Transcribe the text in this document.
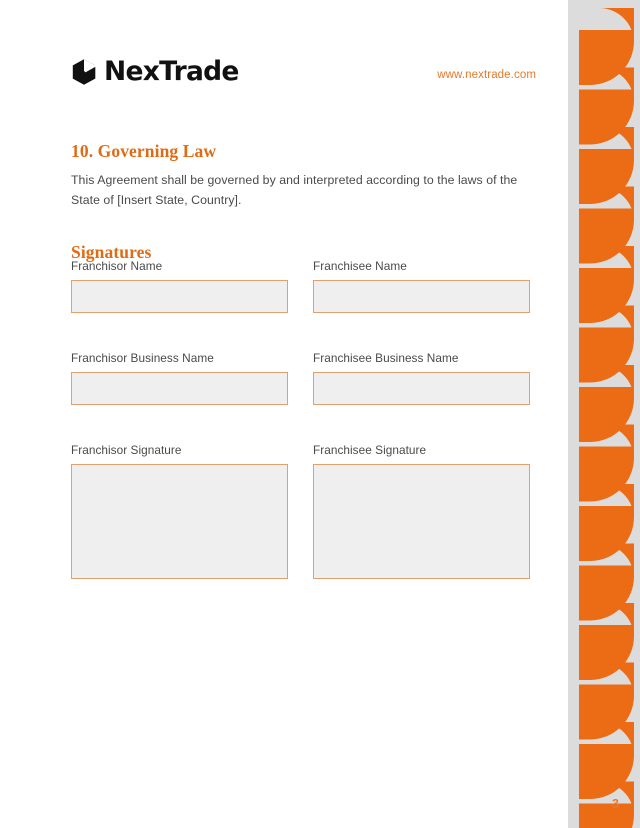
NexTrade	www.nextrade.com
10. Governing Law

This Agreement shall be governed by and interpreted according to the laws of the State of [Insert State, Country].

Signatures
Franchisor Name	Franchisee Name
Franchisor Business Name	Franchisee Business Name
Franchisor Signature	Franchisee Signature
3
